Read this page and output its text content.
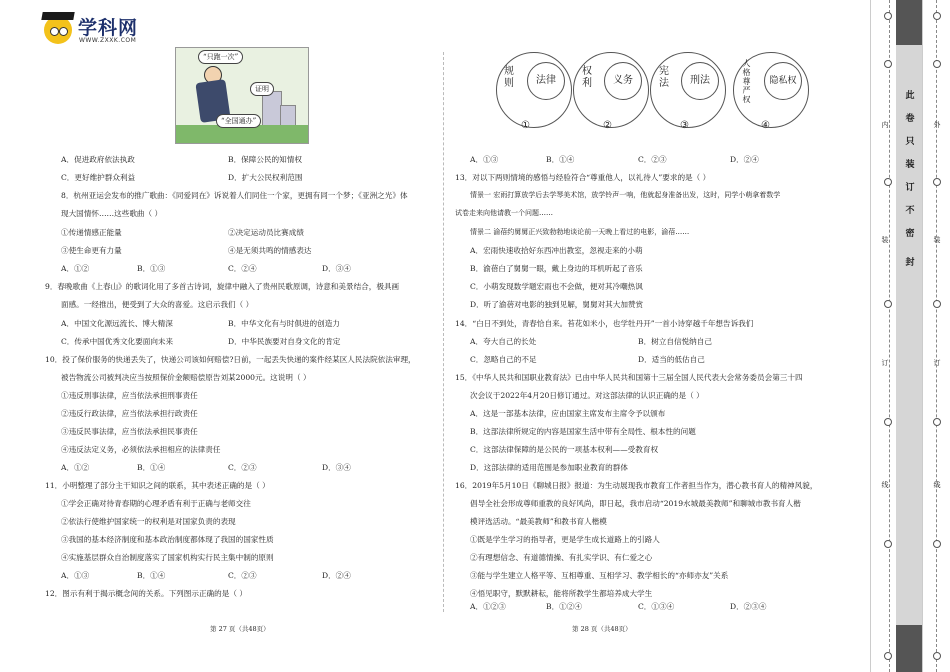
学科网
WWW.ZXXK.COM
“只跑一次”
证明
“全国通办”
A．促进政府依法执政	B．保障公民的知情权
C．更好维护群众利益	D．扩大公民权利范围
8．杭州亚运会发布的推广歌曲：《同爱同在》诉说着人们同住一个家，更拥有同一个梦；《亚洲之光》体
现大国情怀……这些歌曲（ ）
①传递情感正能量	②决定运动员比赛成绩
③使生命更有力量	④是无须共鸣的情感表达
A．①②	B．①③	C．②④	D．③④
9．春晚歌曲《上春山》的歌词化用了多首古诗词，旋律中融入了贵州民歌原调，诗意和美景结合，极具画
面感。一经推出，便受到了大众的喜爱。这启示我们（ ）
A．中国文化源远流长、博大精深	B．中华文化有与时俱进的创造力
C．传承中国优秀文化要面向未来	D．中华民族要对自身文化的肯定
10．投了保价服务的快递丢失了，快递公司该如何赔偿?日前，一起丢失快递的案件经某区人民法院依法审理，
被告物流公司被判决应当按照保价金额赔偿原告刘某2000元。这说明（ ）
①违反刑事法律，应当依法承担刑事责任
②违反行政法律，应当依法承担行政责任
③违反民事法律，应当依法承担民事责任
④违反法定义务，必须依法承担相应的法律责任
A．①②	B．①④	C．②③	D．③④
11．小明整理了部分主干知识之间的联系，其中表述正确的是（ ）
①学会正确对待青春期的心理矛盾有利于正确与老师交往
②依法行使维护国家统一的权利是对国家负责的表现
③我国的基本经济制度和基本政治制度都体现了我国的国家性质
④实施基层群众自治制度落实了国家机构实行民主集中制的原则
A．①③	B．①④	C．②③	D．②④
12．图示有利于揭示概念间的关系。下列图示正确的是（ ）
规则	法律
①
权利	义务
②
宪法	刑法
③
人格尊严权
隐私权
④
A．①③	B．①④	C．②③	D．②④
13．对以下两则情境的感悟与经验符合“尊重他人，以礼待人”要求的是（ ）
情景一 宏雨打算放学后去学琴美术馆，放学铃声一响，他就起身准备出发，这时，同学小萌拿着数学
试卷走来向他请教一个问题……
情景二 渝蓓约舅舅正兴致勃勃地谈论前一天晚上看过的电影，渝蓓……
A．宏雨快速收拾好东西冲出教室，忽视走来的小萌
B．渝蓓白了舅舅一眼，戴上身边的耳机听起了音乐
C．小萌发现数学题宏雨也不会做，便对其冷嘲热讽
D．听了渝蓓对电影的独到见解，舅舅对其大加赞赏
14．“白日不到处，青春恰自来。苔花如米小，也学牡丹开”一首小诗穿越千年想告诉我们
A．夸大自己的长处	B．树立自信悦纳自己
C．忽略自己的不足	D．适当的低估自己
15．《中华人民共和国职业教育法》已由中华人民共和国第十三届全国人民代表大会常务委员会第三十四
次会议于2022年4月20日修订通过。对这部法律的认识正确的是（ ）
A．这是一部基本法律，应由国家主席发布主席令予以颁布
B．这部法律所规定的内容是国家生活中带有全局性、根本性的问题
C．这部法律保障的是公民的一项基本权利——受教育权
D．这部法律的适用范围是参加职业教育的群体
16．2019年5月10日《聊城日报》报道：为生动展现我市教育工作者担当作为，潜心教书育人的精神风貌，
倡导全社会形成尊师重教的良好风尚，即日起，我市启动“2019水城最美教师”和聊城市教书育人楷
模评选活动。“最美教师”和教书育人楷模
①既是学生学习的指导者，更是学生成长道路上的引路人
②有理想信念、有道德情操、有扎实学识、有仁爱之心
③能与学生建立人格平等、互相尊重、互相学习、教学相长的“亦师亦友”关系
④悟见职守，默默耕耘，能将所教学生都培养成大学生
A．①②③	B．①②④	C．①③④	D．②③④
第 27 页（共48页）	第 28 页（共48页）
内
装
订
线
外
装
订
线
此
卷
只
装
订
不
密
封
